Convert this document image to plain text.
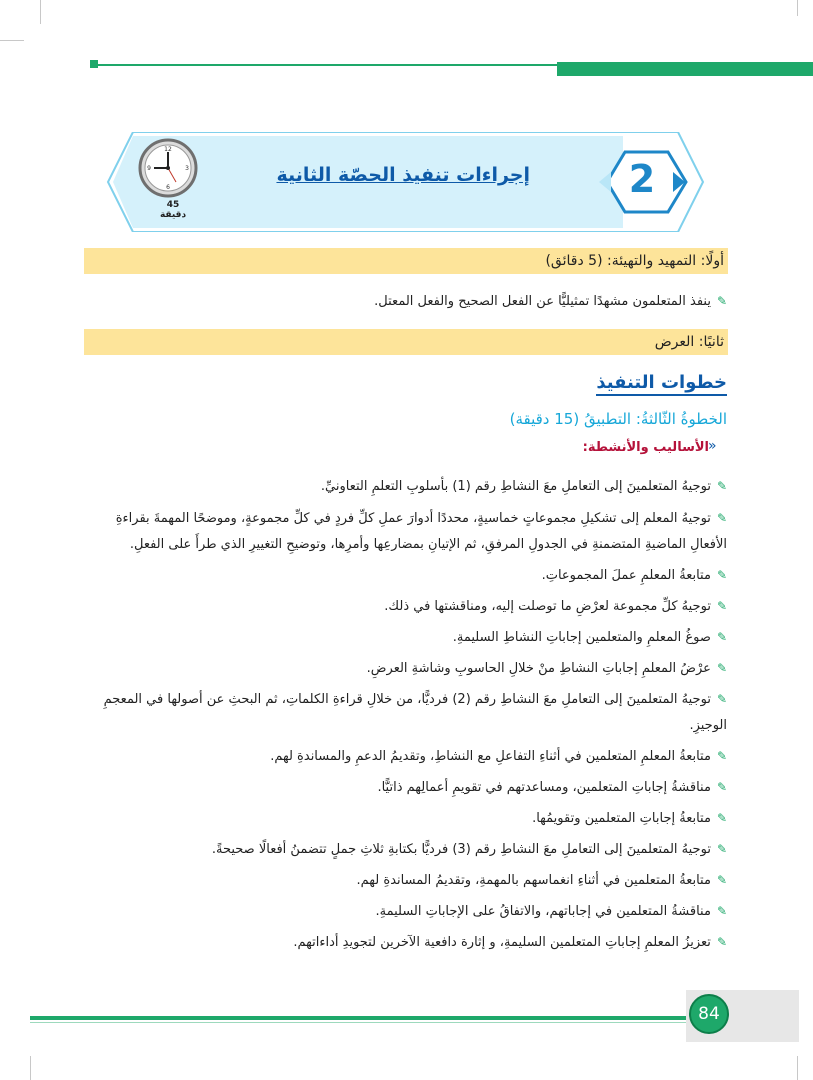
2
إجراءات تنفيذ الحصّة الثانية
12
3
6
9
45
دقيقة
أولًا: التمهيد والتهيئة: (5 دقائق)
✎ينفذ المتعلمون مشهدًا تمثيليًّا عن الفعل الصحيح والفعل المعتل.
ثانيًا: العرض
خطوات التنفيذ
الخطوةُ الثّالثةُ: التطبيقُ (15 دقيقة)
»
الأساليب والأنشطة:
✎توجيهُ المتعلمينَ إلى التعاملِ معَ النشاطِ رقم (1) بأسلوبِ التعلمِ التعاونيِّ.
✎توجيهُ المعلم إلى تشكيلِ مجموعاتٍ خماسيةٍ، محددًا أدوارَ عملِ كلِّ فردٍ في كلِّ مجموعةٍ، وموضحًا المهمةَ بقراءةِ الأفعالِ الماضيةِ المتضمنةِ في الجدولِ المرفقِ، ثم الإتيانِ بمضارعِها وأمرِها، وتوضيحِ التغييرِ الذي طرأَ على الفعلِ.
✎متابعةُ المعلمِ عملَ المجموعاتِ.
✎توجيهُ كلِّ مجموعة لعرْضِ ما توصلت إليه، ومناقشتها في ذلك.
✎صوغُ المعلمِ والمتعلمين إجاباتِ النشاطِ السليمةِ.
✎عرْضُ المعلمِ إجاباتِ النشاطِ منْ خلالِ الحاسوبِ وشاشةِ العرضِ.
✎توجيهُ المتعلمينَ إلى التعاملِ معَ النشاطِ رقم (2) فرديًّا، من خلالِ قراءةِ الكلماتِ، ثم البحثِ عن أصولها في المعجمِ الوجيزِ.
✎متابعةُ المعلمِ المتعلمين في أثناءِ التفاعلِ مع النشاطِ، وتقديمُ الدعمِ والمساندةِ لهم.
✎مناقشةُ إجاباتِ المتعلمين، ومساعدتهم في تقويمِ أعمالِهم ذاتيًّا.
✎متابعةُ إجاباتِ المتعلمين وتقويمُها.
✎توجيهُ المتعلمينَ إلى التعاملِ معَ النشاطِ رقم (3) فرديًّا بكتابةِ ثلاثِ جملٍ تتضمنُ أفعالًا صحيحةً.
✎متابعةُ المتعلمين في أثناءِ انغماسهم بالمهمةِ، وتقديمُ المساندةِ لهم.
✎مناقشةُ المتعلمين في إجاباتهم، والاتفاقُ على الإجاباتِ السليمةِ.
✎تعزيزُ المعلمِ إجاباتِ المتعلمين السليمةِ، و إثارة دافعية الآخرين لتجويدِ أداءاتهم.
84
